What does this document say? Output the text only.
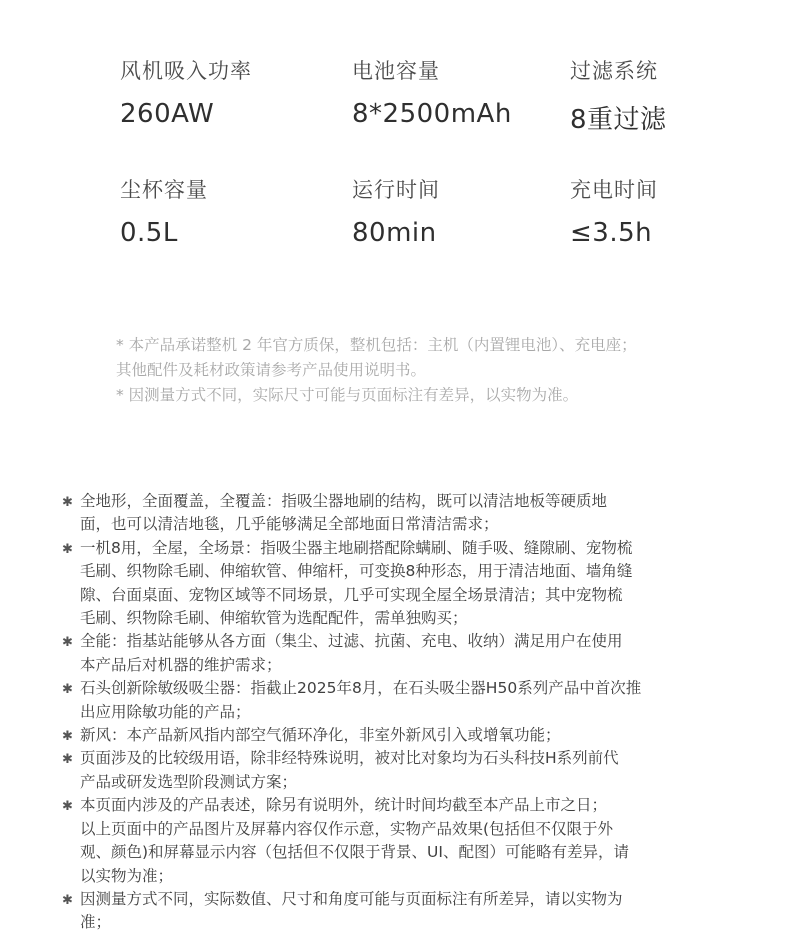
风机吸入功率
260AW
电池容量
8*2500mAh
过滤系统
8重过滤
尘杯容量
0.5L
运行时间
80min
充电时间
≤3.5h
* 本产品承诺整机 2 年官方质保，整机包括：主机（内置锂电池）、充电座；
其他配件及耗材政策请参考产品使用说明书。
* 因测量方式不同，实际尺寸可能与页面标注有差异，以实物为准。
✱ 全地形，全面覆盖，全覆盖：指吸尘器地刷的结构，既可以清洁地板等硬质地
面，也可以清洁地毯，几乎能够满足全部地面日常清洁需求；
✱ 一机8用，全屋，全场景：指吸尘器主地刷搭配除螨刷、随手吸、缝隙刷、宠物梳
毛刷、织物除毛刷、伸缩软管、伸缩杆，可变换8种形态，用于清洁地面、墙角缝
隙、台面桌面、宠物区域等不同场景，几乎可实现全屋全场景清洁；其中宠物梳
毛刷、织物除毛刷、伸缩软管为选配配件，需单独购买；
✱ 全能：指基站能够从各方面（集尘、过滤、抗菌、充电、收纳）满足用户在使用
本产品后对机器的维护需求；
✱ 石头创新除敏级吸尘器：指截止2025年8月，在石头吸尘器H50系列产品中首次推
出应用除敏功能的产品；
✱ 新风：本产品新风指内部空气循环净化，非室外新风引入或增氧功能；
✱ 页面涉及的比较级用语，除非经特殊说明，被对比对象均为石头科技H系列前代
产品或研发选型阶段测试方案；
✱ 本页面内涉及的产品表述，除另有说明外，统计时间均截至本产品上市之日；
以上页面中的产品图片及屏幕内容仅作示意，实物产品效果(包括但不仅限于外
观、颜色)和屏幕显示内容（包括但不仅限于背景、UI、配图）可能略有差异，请
以实物为准；
✱ 因测量方式不同，实际数值、尺寸和角度可能与页面标注有所差异，请以实物为
准；
